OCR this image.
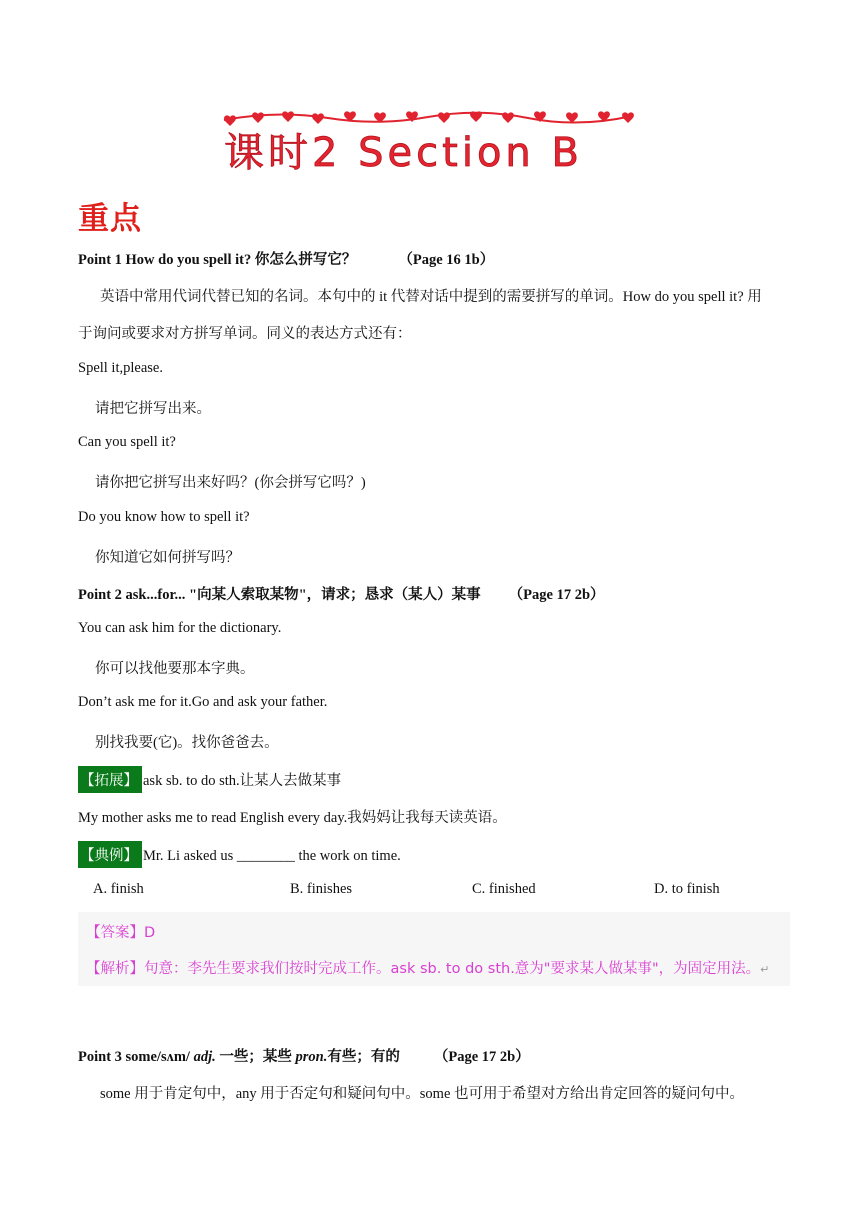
课时2 Section B
重点
Point 1 How do you spell it? 你怎么拼写它？	（Page 16 1b）
英语中常用代词代替已知的名词。本句中的 it 代替对话中提到的需要拼写的单词。How do you spell it? 用
于询问或要求对方拼写单词。同义的表达方式还有：
Spell it,please.
请把它拼写出来。
Can you spell it?
请你把它拼写出来好吗？(你会拼写它吗？)
Do you know how to spell it?
你知道它如何拼写吗？
Point 2 ask...for... "向某人索取某物"，请求；恳求（某人）某事 （Page 17 2b）
You can ask him for the dictionary.
你可以找他要那本字典。
Don’t ask me for it.Go and ask your father.
别找我要(它)。找你爸爸去。
【拓展】 ask sb. to do sth.让某人去做某事
My mother asks me to read English every day.我妈妈让我每天读英语。
【典例】 Mr. Li asked us ________ the work on time.
A. finish	B. finishes	C. finished	D. to finish
【答案】D
【解析】句意：李先生要求我们按时完成工作。ask sb. to do sth.意为"要求某人做某事"，为固定用法。↵
Point 3 some/sʌm/ adj. 一些；某些 pron.有些；有的 （Page 17 2b）
some 用于肯定句中，any 用于否定句和疑问句中。some 也可用于希望对方给出肯定回答的疑问句中。
